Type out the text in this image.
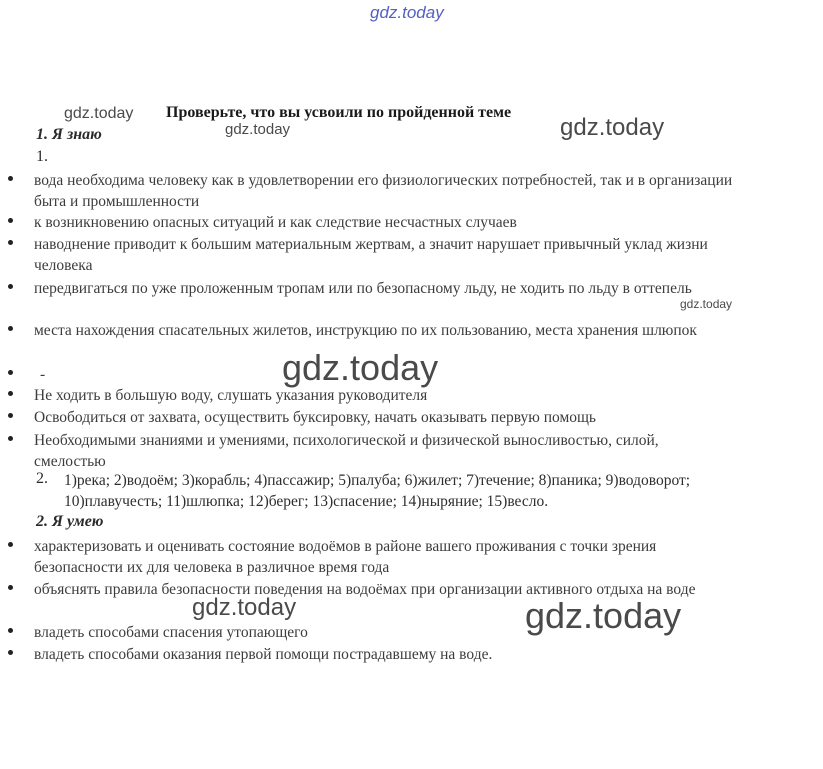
gdz.today
gdz.today
gdz.today	gdz.today
gdz.today
gdz.today
gdz.today	gdz.today
Проверьте, что вы усвоили по пройденной теме
1. Я знаю
1.
вода необходима человеку как в удовлетворении его физиологических потребностей, так и в организации быта и промышленности
к возникновению опасных ситуаций и как следствие несчастных случаев
наводнение приводит к большим материальным жертвам, а значит нарушает привычный уклад жизни человека
передвигаться по уже проложенным тропам или по безопасному льду, не ходить по льду в оттепель
места нахождения спасательных жилетов, инструкцию по их пользованию, места хранения шлюпок
-
Не ходить в большую воду, слушать указания руководителя
Освободиться от захвата, осуществить буксировку, начать оказывать первую помощь
Необходимыми знаниями и умениями, психологической и физической выносливостью, силой, смелостью
2.	1)река; 2)водоём; 3)корабль; 4)пассажир; 5)палуба; 6)жилет; 7)течение; 8)паника; 9)водоворот; 10)плавучесть; 11)шлюпка; 12)берег; 13)спасение; 14)ныряние; 15)весло.
2. Я умею
характеризовать и оценивать состояние водоёмов в районе вашего проживания с точки зрения безопасности их для человека в различное время года
объяснять правила безопасности поведения на водоёмах при организации активного отдыха на воде
владеть способами спасения утопающего
владеть способами оказания первой помощи пострадавшему на воде.
